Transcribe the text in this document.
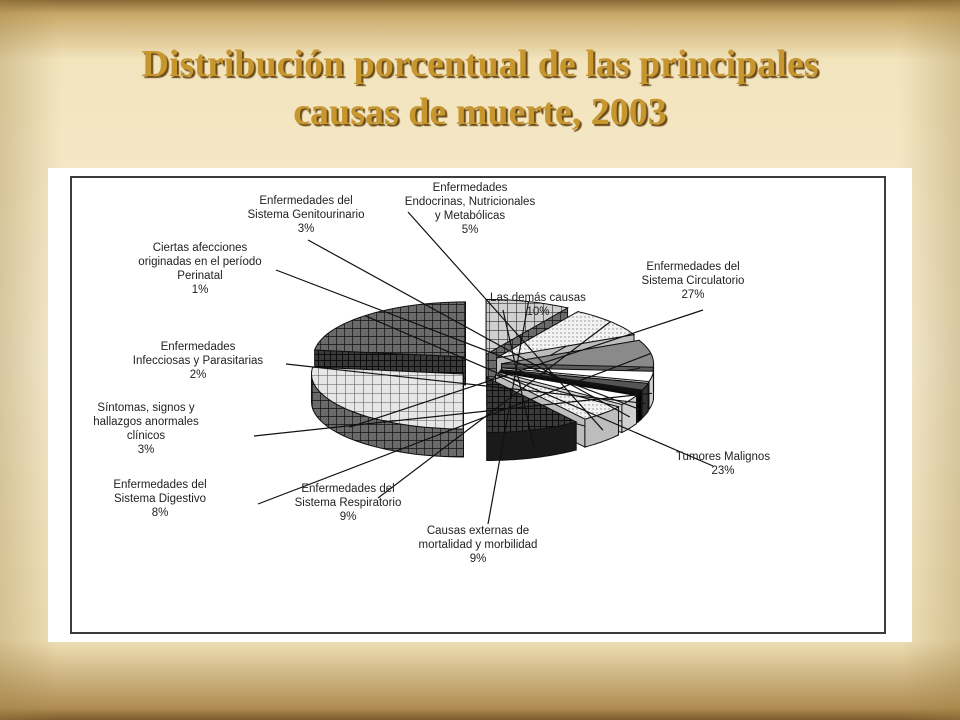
Distribución porcentual de las principales
causas de muerte, 2003
Enfermedades del
Sistema Circulatorio
27%
Tumores Malignos
23%
Causas externas de
mortalidad y morbilidad
9%
Enfermedades del
Sistema Respiratorio
9%
Enfermedades del
Sistema Digestivo
8%
Síntomas, signos y
hallazgos anormales
clínicos
3%
Enfermedades
Infecciosas y Parasitarias
2%
Ciertas afecciones
originadas en el período
Perinatal
1%
Enfermedades del
Sistema Genitourinario
3%
Enfermedades
Endocrinas, Nutricionales
y Metabólicas
5%
Las demás causas
10%
